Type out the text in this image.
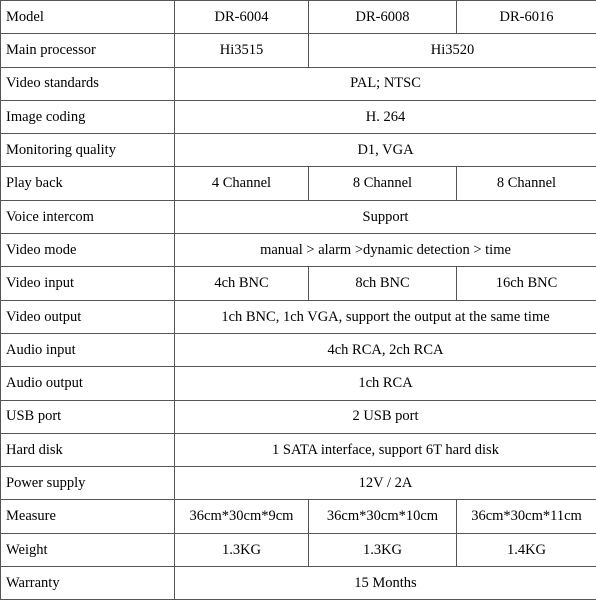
Model	DR-6004	DR-6008	DR-6016
Main processor	Hi3515	Hi3520	
Video standards	PAL; NTSC		
Image coding	H. 264		
Monitoring quality	D1, VGA		
Play back	4 Channel	8 Channel	8 Channel
Voice intercom	Support		
Video mode	manual > alarm >dynamic detection > time		
Video input	4ch BNC	8ch BNC	16ch BNC
Video output	1ch BNC, 1ch VGA, support the output at the same time		
Audio input	4ch RCA, 2ch RCA		
Audio output	1ch RCA		
USB port	2 USB port		
Hard disk	1 SATA interface, support 6T hard disk		
Power supply	12V / 2A		
Measure	36cm*30cm*9cm	36cm*30cm*10cm	36cm*30cm*11cm
Weight	1.3KG	1.3KG	1.4KG
Warranty	15 Months		
